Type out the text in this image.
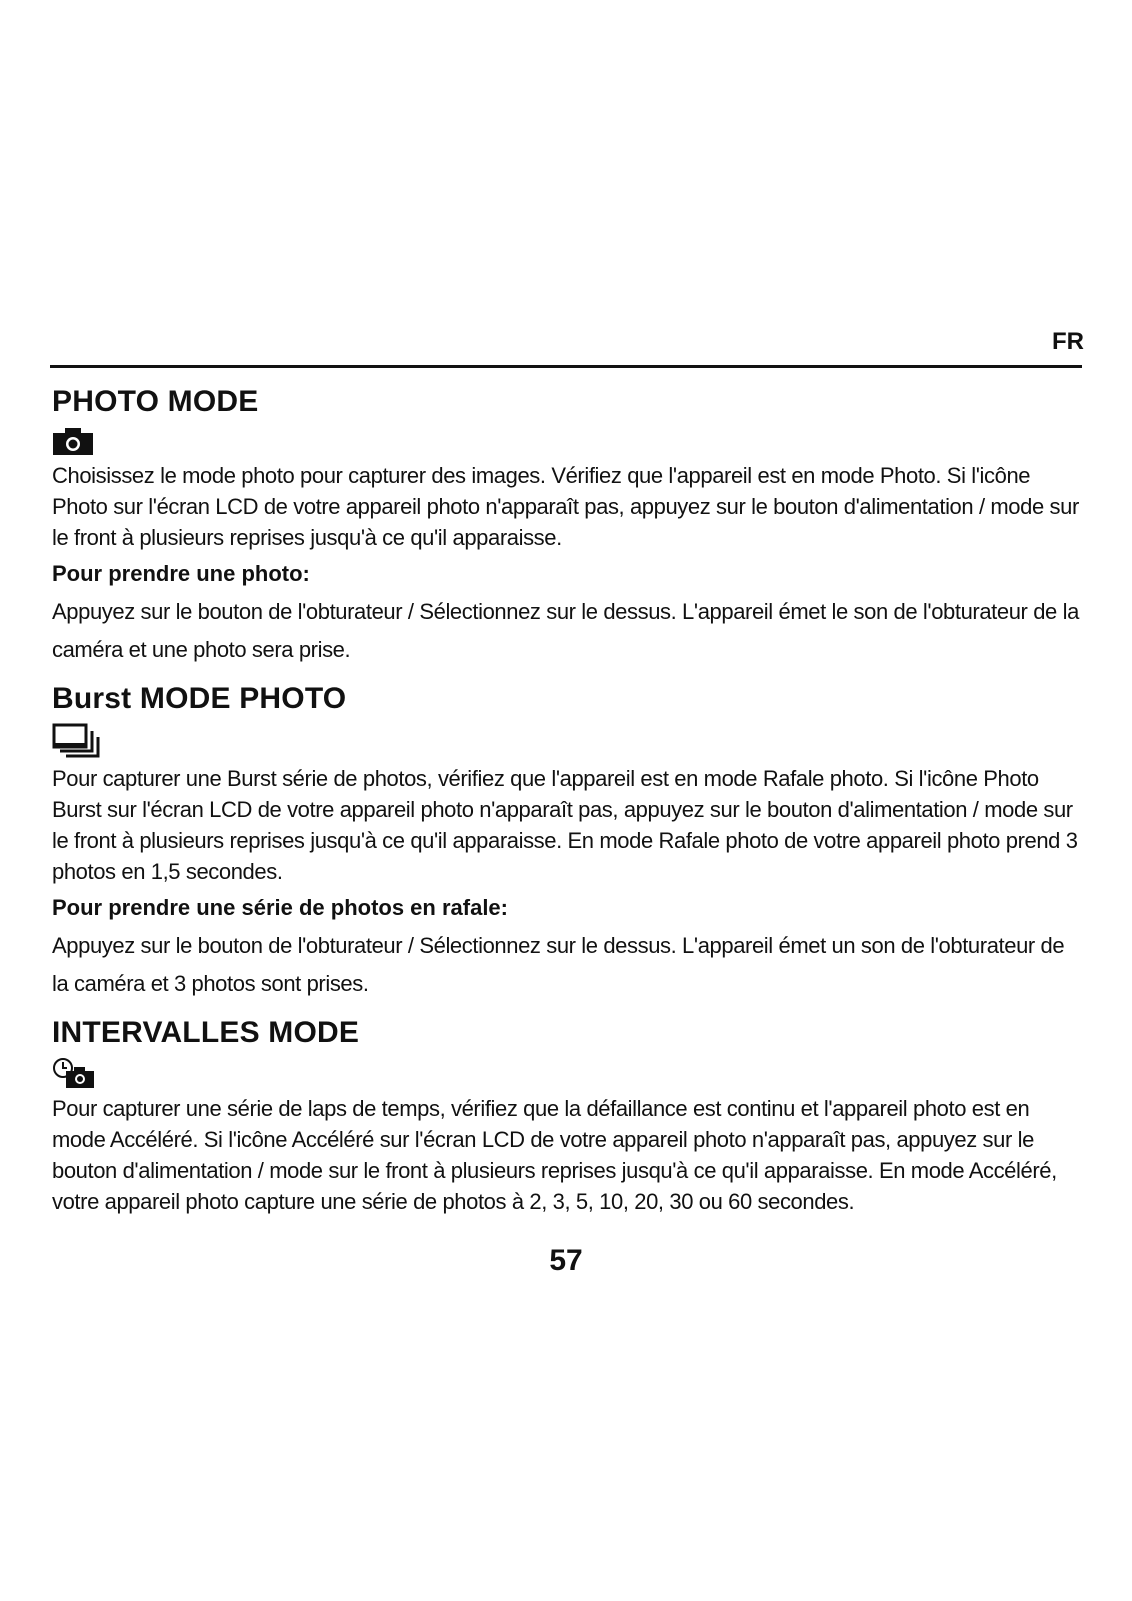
FR
PHOTO MODE

Choisissez le mode photo pour capturer des images. Vérifiez que l'appareil est en mode Photo. Si l'icône Photo sur l'écran LCD de votre appareil photo n'apparaît pas, appuyez sur le bouton d'alimentation / mode sur le front à plusieurs reprises jusqu'à ce qu'il apparaisse.

Pour prendre une photo:

Appuyez sur le bouton de l'obturateur / Sélectionnez sur le dessus. L'appareil émet le son de l'obturateur de la caméra et une photo sera prise.

Burst MODE PHOTO

Pour capturer une Burst série de photos, vérifiez que l'appareil est en mode Rafale photo. Si l'icône Photo Burst sur l'écran LCD de votre appareil photo n'apparaît pas, appuyez sur le bouton d'alimentation / mode sur le front à plusieurs reprises jusqu'à ce qu'il apparaisse. En mode Rafale photo de votre appareil photo prend 3 photos en 1,5 secondes.

Pour prendre une série de photos en rafale:

Appuyez sur le bouton de l'obturateur / Sélectionnez sur le dessus. L'appareil émet un son de l'obturateur de la caméra et 3 photos sont prises.

INTERVALLES MODE

Pour capturer une série de laps de temps, vérifiez que la défaillance est continu et l'appareil photo est en mode Accéléré. Si l'icône Accéléré sur l'écran LCD de votre appareil photo n'apparaît pas, appuyez sur le bouton d'alimentation / mode sur le front à plusieurs reprises jusqu'à ce qu'il apparaisse. En mode Accéléré, votre appareil photo capture une série de photos à 2, 3, 5, 10, 20, 30 ou 60 secondes.

57
